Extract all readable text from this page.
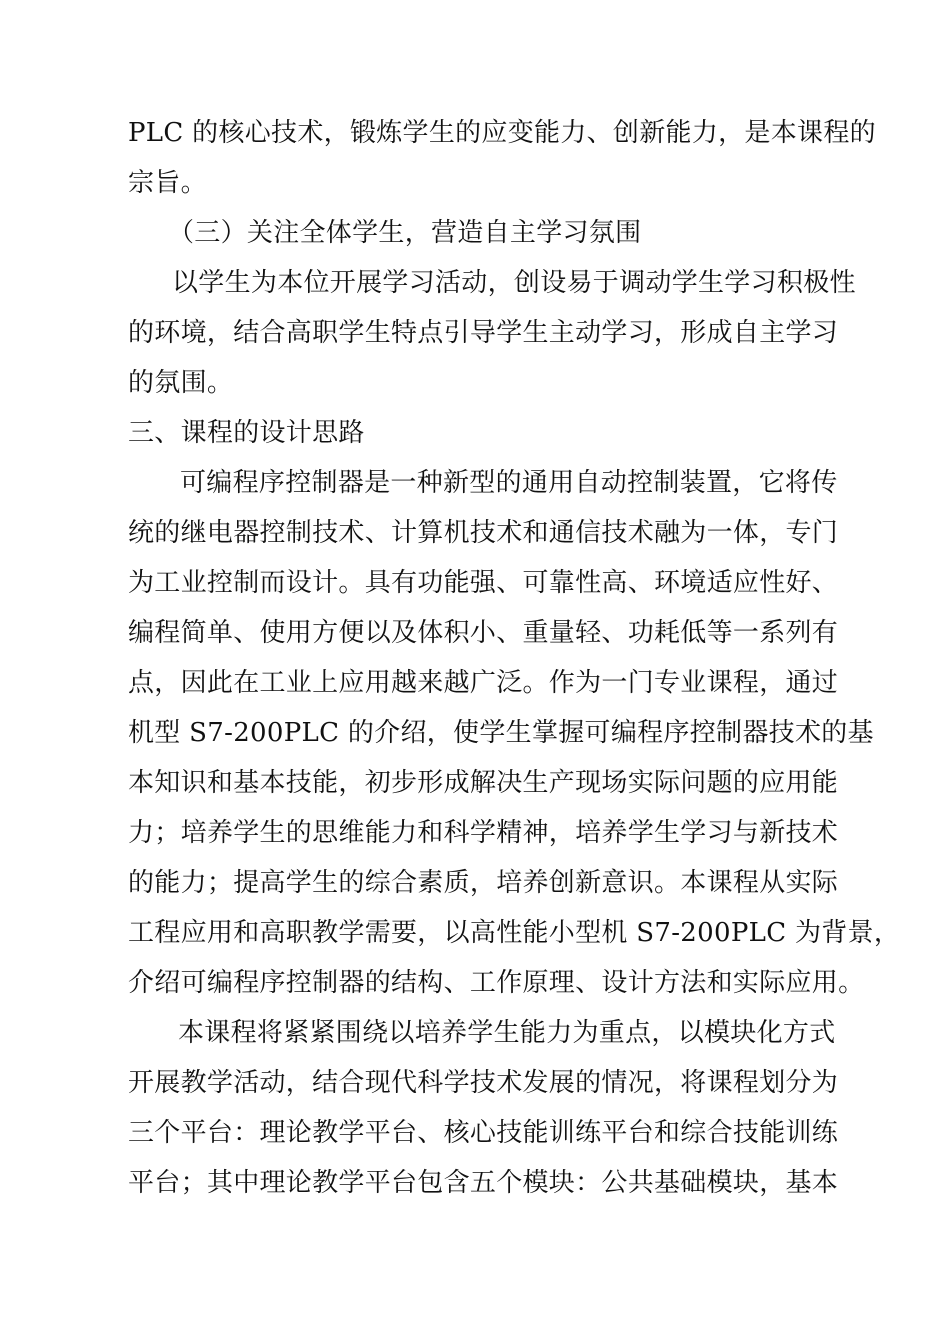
PLC 的核心技术，锻炼学生的应变能力、创新能力，是本课程的
宗旨。
（三）关注全体学生，营造自主学习氛围
以学生为本位开展学习活动，创设易于调动学生学习积极性
的环境，结合高职学生特点引导学生主动学习，形成自主学习
的氛围。
三、课程的设计思路
可编程序控制器是一种新型的通用自动控制装置，它将传
统的继电器控制技术、计算机技术和通信技术融为一体，专门
为工业控制而设计。具有功能强、可靠性高、环境适应性好、
编程简单、使用方便以及体积小、重量轻、功耗低等一系列有
点，因此在工业上应用越来越广泛。作为一门专业课程，通过
机型 S7-200PLC 的介绍，使学生掌握可编程序控制器技术的基
本知识和基本技能，初步形成解决生产现场实际问题的应用能
力；培养学生的思维能力和科学精神，培养学生学习与新技术
的能力；提高学生的综合素质，培养创新意识。本课程从实际
工程应用和高职教学需要，以高性能小型机 S7-200PLC 为背景，
介绍可编程序控制器的结构、工作原理、设计方法和实际应用。
本课程将紧紧围绕以培养学生能力为重点，以模块化方式
开展教学活动，结合现代科学技术发展的情况，将课程划分为
三个平台：理论教学平台、核心技能训练平台和综合技能训练
平台；其中理论教学平台包含五个模块：公共基础模块，基本
